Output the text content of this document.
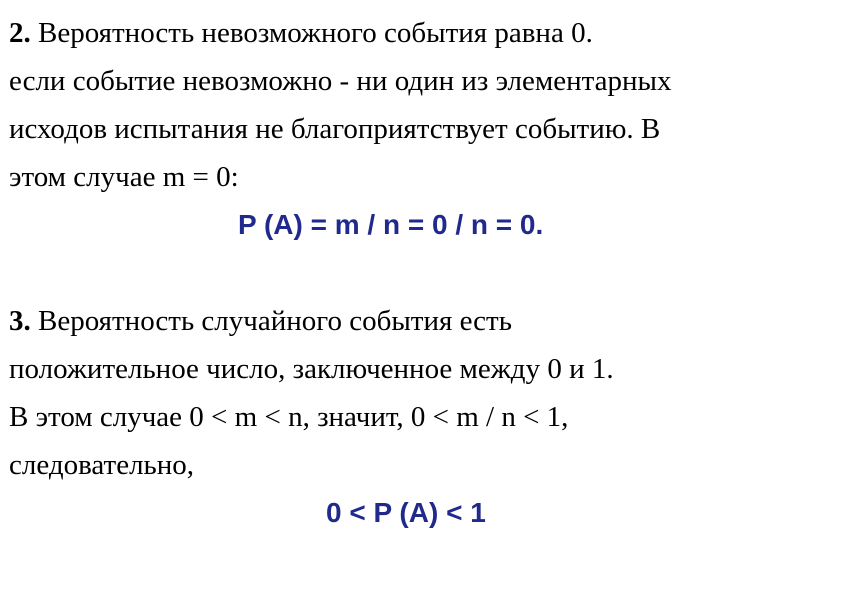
2. Вероятность невозможного события равна 0.
если событие невозможно - ни один из элементарных
исходов испытания не благоприятствует событию. В
этом случае m = 0:
P (A) = m / n = 0 / n = 0.
3. Вероятность случайного события есть
положительное число, заключенное между 0 и 1.
В этом случае 0 < m < n, значит, 0 < m / n < 1,
следовательно,
0 < P (A) < 1
